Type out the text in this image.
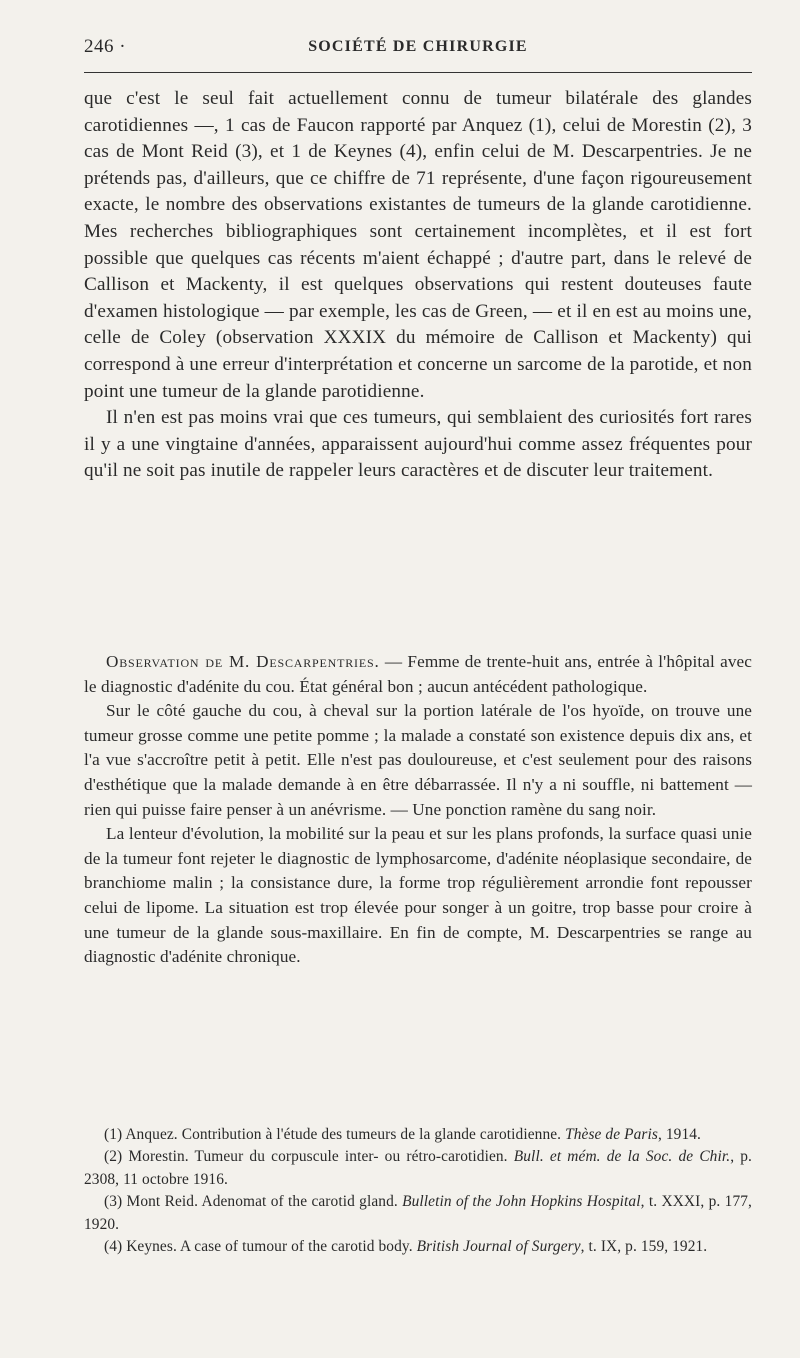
246 ·	SOCIÉTÉ DE CHIRURGIE

que c'est le seul fait actuellement connu de tumeur bilatérale des glandes carotidiennes —, 1 cas de Faucon rapporté par Anquez (1), celui de Morestin (2), 3 cas de Mont Reid (3), et 1 de Keynes (4), enfin celui de M. Descarpentries. Je ne prétends pas, d'ailleurs, que ce chiffre de 71 représente, d'une façon rigoureusement exacte, le nombre des observations existantes de tumeurs de la glande carotidienne. Mes recherches bibliographiques sont certainement incomplètes, et il est fort possible que quelques cas récents m'aient échappé ; d'autre part, dans le relevé de Callison et Mackenty, il est quelques observations qui restent douteuses faute d'examen histologique — par exemple, les cas de Green, — et il en est au moins une, celle de Coley (observation XXXIX du mémoire de Callison et Mackenty) qui correspond à une erreur d'interprétation et concerne un sarcome de la parotide, et non point une tumeur de la glande parotidienne.

Il n'en est pas moins vrai que ces tumeurs, qui semblaient des curiosités fort rares il y a une vingtaine d'années, apparaissent aujourd'hui comme assez fréquentes pour qu'il ne soit pas inutile de rappeler leurs caractères et de discuter leur traitement.

Observation de M. Descarpentries. — Femme de trente-huit ans, entrée à l'hôpital avec le diagnostic d'adénite du cou. État général bon ; aucun antécédent pathologique.

Sur le côté gauche du cou, à cheval sur la portion latérale de l'os hyoïde, on trouve une tumeur grosse comme une petite pomme ; la malade a constaté son existence depuis dix ans, et l'a vue s'accroître petit à petit. Elle n'est pas douloureuse, et c'est seulement pour des raisons d'esthétique que la malade demande à en être débarrassée. Il n'y a ni souffle, ni battement — rien qui puisse faire penser à un anévrisme. — Une ponction ramène du sang noir.

La lenteur d'évolution, la mobilité sur la peau et sur les plans profonds, la surface quasi unie de la tumeur font rejeter le diagnostic de lymphosarcome, d'adénite néoplasique secondaire, de branchiome malin ; la consistance dure, la forme trop régulièrement arrondie font repousser celui de lipome. La situation est trop élevée pour songer à un goitre, trop basse pour croire à une tumeur de la glande sous-maxillaire. En fin de compte, M. Descarpentries se range au diagnostic d'adénite chronique.

(1) Anquez. Contribution à l'étude des tumeurs de la glande carotidienne. Thèse de Paris, 1914.

(2) Morestin. Tumeur du corpuscule inter- ou rétro-carotidien. Bull. et mém. de la Soc. de Chir., p. 2308, 11 octobre 1916.

(3) Mont Reid. Adenomat of the carotid gland. Bulletin of the John Hopkins Hospital, t. XXXI, p. 177, 1920.

(4) Keynes. A case of tumour of the carotid body. British Journal of Surgery, t. IX, p. 159, 1921.
